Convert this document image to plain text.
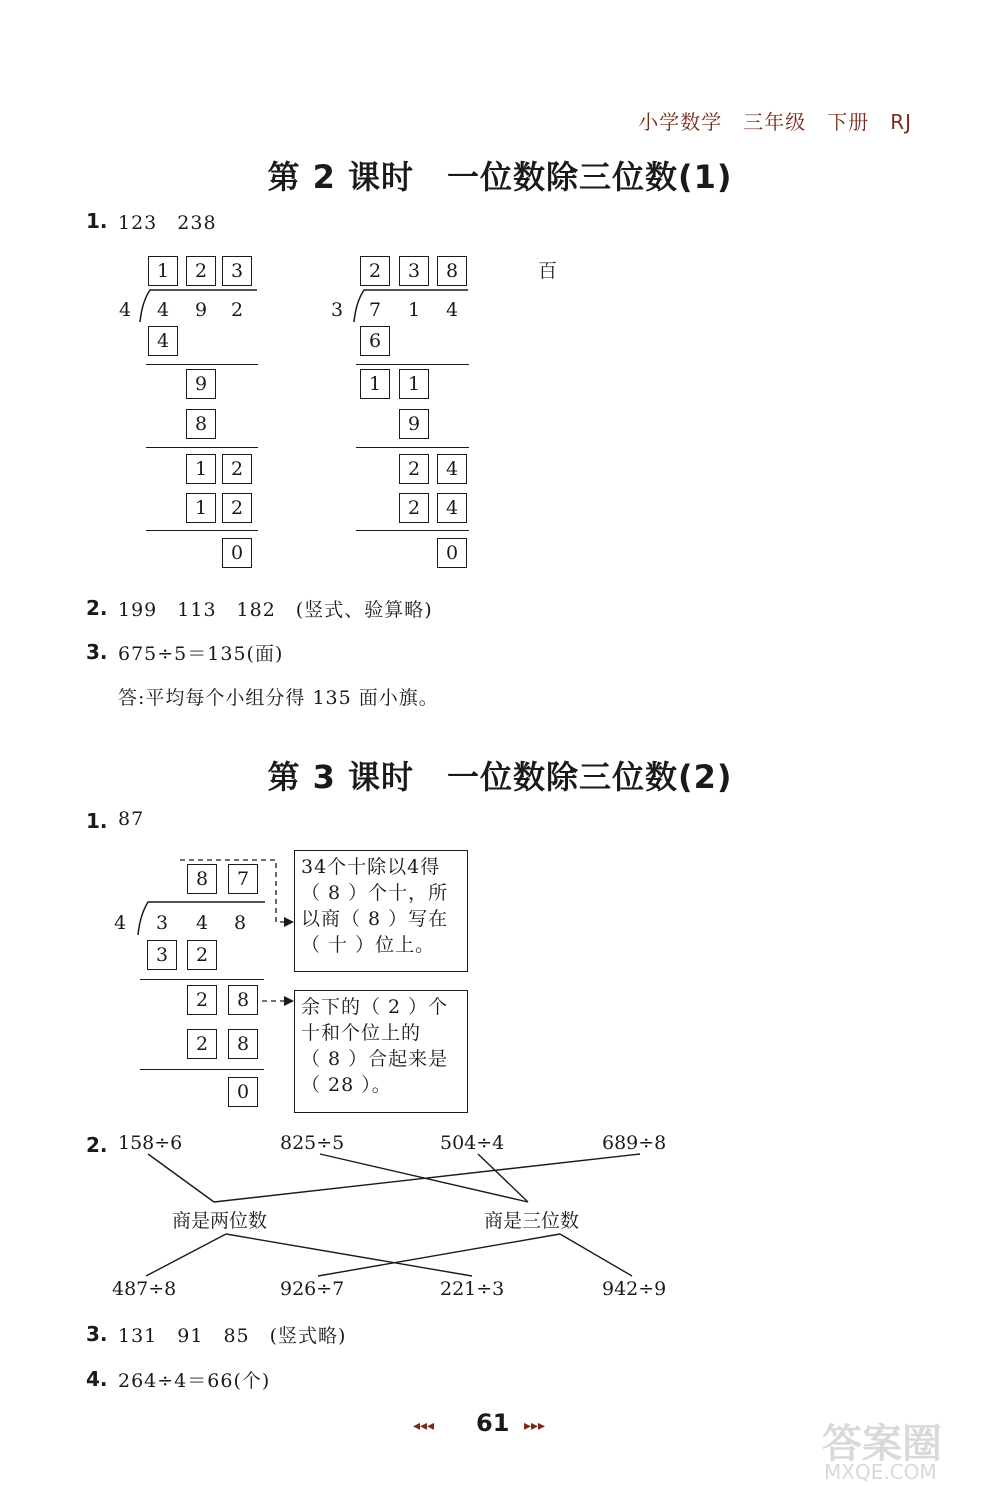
小学数学　三年级　下册　RJ
第 2 课时　一位数除三位数(1)
1. 123　238
百
1	2	3
4	4	9	2
4
9
8
1	2
1	2
0
2	3	8
3	7	1	4
6
1	1
9
2	4
2	4
0
2. 199　113　182　(竖式、验算略)
3. 675÷5＝135(面)
答:平均每个小组分得 135 面小旗。
第 3 课时　一位数除三位数(2)
1. 87
8	7
4	3	4	8
3	2
2	8
2	8
0
34个十除以4得
（ 8 ）个十，所
以商（ 8 ）写在
（ 十 ）位上。
余下的（ 2 ）个
十和个位上的
（ 8 ）合起来是
（ 28 ）。
2. 158÷6	825÷5	504÷4	689÷8
商是两位数	商是三位数
487÷8	926÷7	221÷3	942÷9
3. 131　91　85　(竖式略)
4. 264÷4＝66(个)
◂◂◂ 61 ▸▸▸	答案圈
MXQE.COM
